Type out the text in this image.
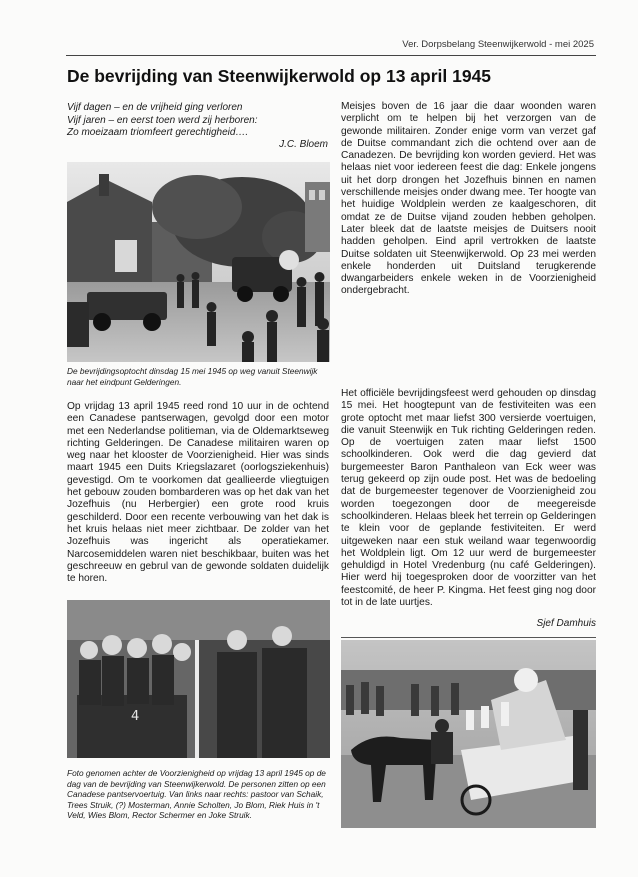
Ver. Dorpsbelang Steenwijkerwold - mei 2025
De bevrijding van Steenwijkerwold op 13 april 1945
Vijf dagen – en de vrijheid ging verloren
Vijf jaren – en eerst toen werd zij herboren:
Zo moeizaam triomfeert gerechtigheid….
J.C. Bloem

Meisjes boven de 16 jaar die daar woonden waren verplicht om te helpen bij het verzorgen van de gewonde militairen. Zonder enige vorm van verzet gaf de Duitse commandant zich die ochtend over aan de Canadezen. De bevrijding kon worden gevierd. Het was helaas niet voor iedereen feest die dag: Enkele jongens uit het dorp drongen het Jozefhuis binnen en namen verschillende meisjes onder dwang mee. Ter hoogte van het huidige Woldplein werden ze kaalgeschoren, dit omdat ze de Duitse vijand zouden hebben geholpen. Later bleek dat de laatste meisjes de Duitsers nooit hadden geholpen. Eind april vertrokken de laatste Duitse soldaten uit Steenwijkerwold. Op 23 mei werden enkele honderden uit Duitsland terugkerende dwangarbeiders enkele weken in de Voorzienigheid ondergebracht.

De bevrijdingsoptocht dinsdag 15 mei 1945 op weg vanuit Steenwijk naar het eindpunt Gelderingen.

Op vrijdag 13 april 1945 reed rond 10 uur in de ochtend een Canadese pantserwagen, gevolgd door een motor met een Nederlandse politieman, via de Oldemarktseweg richting Gelderingen. De Canadese militairen waren op weg naar het klooster de Voorzienigheid. Hier was sinds maart 1945 een Duits Kriegslazaret (oorlogsziekenhuis) gevestigd. Om te voorkomen dat geallieerde vliegtuigen het gebouw zouden bombarderen was op het dak van het Jozefhuis (nu Herbergier) een grote rood kruis geschilderd. Door een recente verbouwing van het dak is het kruis helaas niet meer zichtbaar. De zolder van het Jozefhuis was ingericht als operatiekamer. Narcosemiddelen waren niet beschikbaar, buiten was het geschreeuw en gebrul van de gewonde soldaten duidelijk te horen.

Het officiële bevrijdingsfeest werd gehouden op dinsdag 15 mei. Het hoogtepunt van de festiviteiten was een grote optocht met maar liefst 300 versierde voertuigen, die vanuit Steenwijk en Tuk richting Gelderingen reden. Op de voertuigen zaten maar liefst 1500 schoolkinderen. Ook werd die dag gevierd dat burgemeester Baron Panthaleon van Eck weer was terug gekeerd op zijn oude post. Het was de bedoeling dat de burgemeester tegenover de Voorzienigheid zou worden toegezongen door de meegereisde schoolkinderen. Helaas bleek het terrein op Gelderingen te klein voor de geplande festiviteiten. Er werd uitgeweken naar een stuk weiland waar tegenwoordig het Woldplein ligt. Om 12 uur werd de burgemeester gehuldigd in Hotel Vredenburg (nu café Gelderingen). Hier werd hij toegesproken door de voorzitter van het feestcomité, de heer P. Kingma. Het feest ging nog door tot in de late uurtjes.

Sjef Damhuis
4
Foto genomen achter de Voorzienigheid op vrijdag 13 april 1945 op de dag van de bevrijding van Steenwijkerwold. De personen zitten op een Canadese pantservoertuig. Van links naar rechts: pastoor van Schaik, Trees Struik, (?) Mosterman, Annie Scholten, Jo Blom, Riek Huis in 't Veld, Wies Blom, Rector Schermer en Joke Struik.
